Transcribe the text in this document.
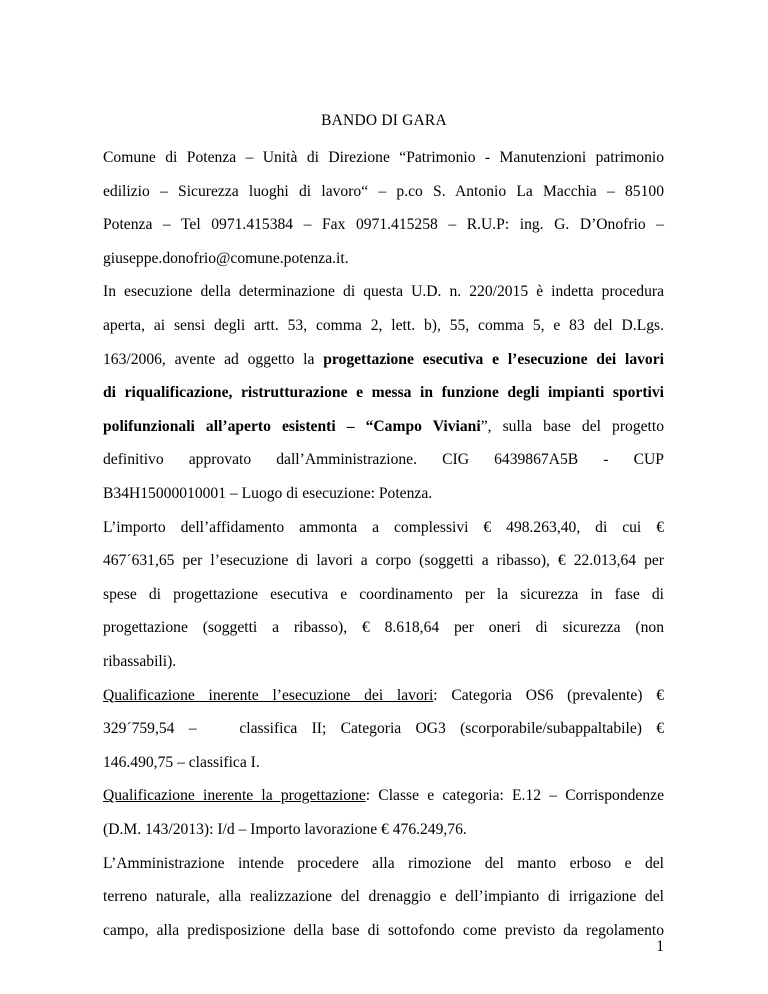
BANDO DI GARA
Comune di Potenza – Unità di Direzione “Patrimonio - Manutenzioni patrimonio
edilizio – Sicurezza luoghi di lavoro“ – p.co S. Antonio La Macchia – 85100
Potenza – Tel 0971.415384 – Fax 0971.415258 – R.U.P: ing. G. D’Onofrio –
giuseppe.donofrio@comune.potenza.it.
In esecuzione della determinazione di questa U.D. n. 220/2015 è indetta procedura
aperta, ai sensi degli artt. 53, comma 2, lett. b), 55, comma 5, e 83 del D.Lgs.
163/2006, avente ad oggetto la progettazione esecutiva e l’esecuzione dei lavori
di riqualificazione, ristrutturazione e messa in funzione degli impianti sportivi
polifunzionali all’aperto esistenti – “Campo Viviani”, sulla base del progetto
definitivo approvato dall’Amministrazione. CIG 6439867A5B - CUP
B34H15000010001 – Luogo di esecuzione: Potenza.
L’importo dell’affidamento ammonta a complessivi € 498.263,40, di cui €
467´631,65 per l’esecuzione di lavori a corpo (soggetti a ribasso), € 22.013,64 per
spese di progettazione esecutiva e coordinamento per la sicurezza in fase di
progettazione (soggetti a ribasso), € 8.618,64 per oneri di sicurezza (non
ribassabili).
Qualificazione inerente l’esecuzione dei lavori: Categoria OS6 (prevalente) €
329´759,54 –   classifica II; Categoria OG3 (scorporabile/subappaltabile) €
146.490,75 – classifica I.
Qualificazione inerente la progettazione: Classe e categoria: E.12 – Corrispondenze
(D.M. 143/2013): I/d – Importo lavorazione € 476.249,76.
L’Amministrazione intende procedere alla rimozione del manto erboso e del
terreno naturale, alla realizzazione del drenaggio e dell’impianto di irrigazione del
campo, alla predisposizione della base di sottofondo come previsto da regolamento
1
